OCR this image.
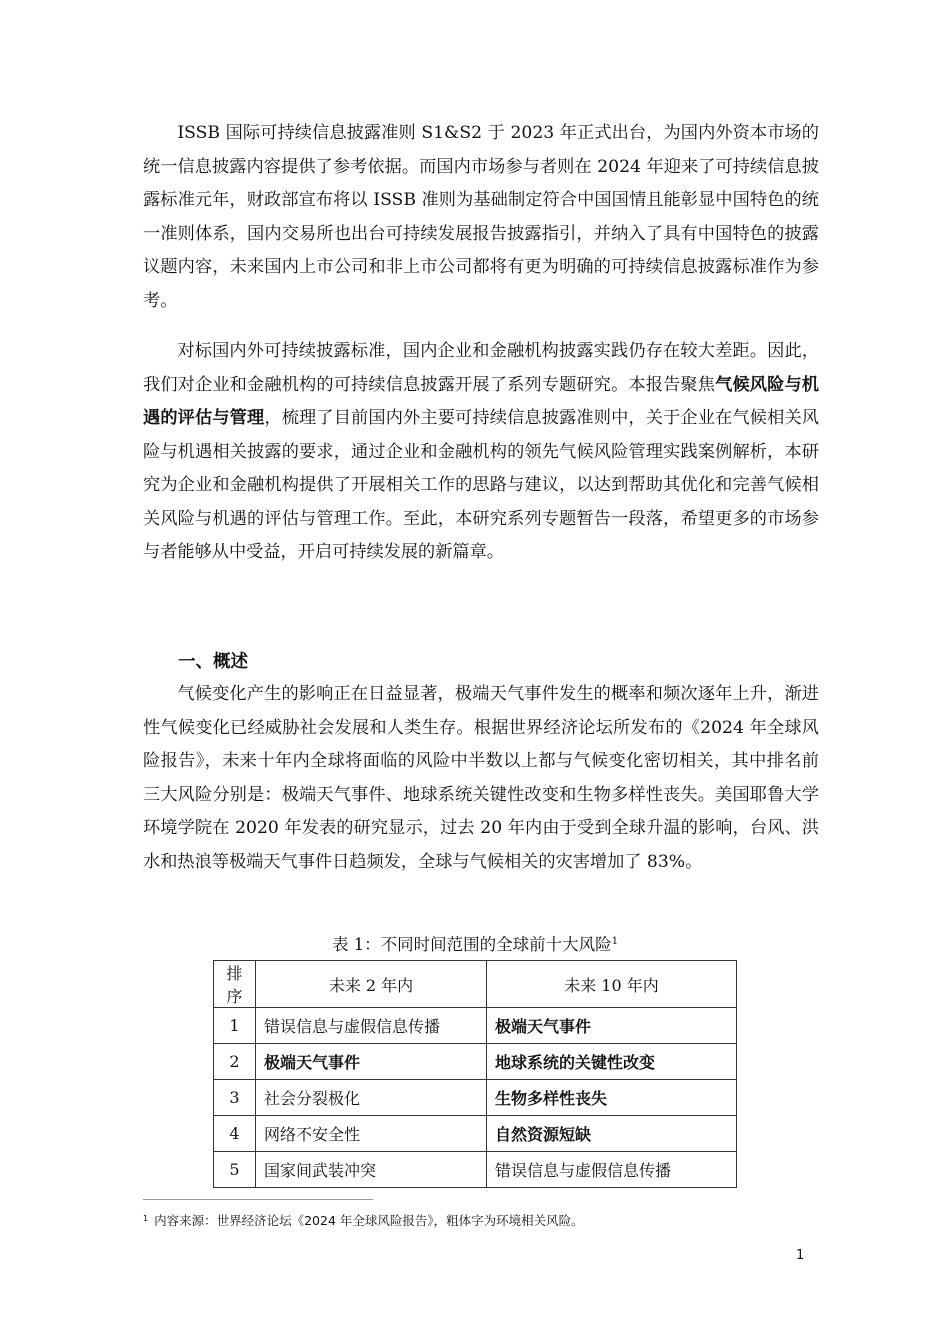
ISSB 国际可持续信息披露准则 S1&S2 于 2023 年正式出台，为国内外资本市场的统一信息披露内容提供了参考依据。而国内市场参与者则在 2024 年迎来了可持续信息披露标准元年，财政部宣布将以 ISSB 准则为基础制定符合中国国情且能彰显中国特色的统一准则体系，国内交易所也出台可持续发展报告披露指引，并纳入了具有中国特色的披露议题内容，未来国内上市公司和非上市公司都将有更为明确的可持续信息披露标准作为参考。

对标国内外可持续披露标准，国内企业和金融机构披露实践仍存在较大差距。因此，我们对企业和金融机构的可持续信息披露开展了系列专题研究。本报告聚焦气候风险与机遇的评估与管理，梳理了目前国内外主要可持续信息披露准则中，关于企业在气候相关风险与机遇相关披露的要求，通过企业和金融机构的领先气候风险管理实践案例解析，本研究为企业和金融机构提供了开展相关工作的思路与建议，以达到帮助其优化和完善气候相关风险与机遇的评估与管理工作。至此，本研究系列专题暂告一段落，希望更多的市场参与者能够从中受益，开启可持续发展的新篇章。

一、概述

气候变化产生的影响正在日益显著，极端天气事件发生的概率和频次逐年上升，渐进性气候变化已经威胁社会发展和人类生存。根据世界经济论坛所发布的《2024 年全球风险报告》，未来十年内全球将面临的风险中半数以上都与气候变化密切相关，其中排名前三大风险分别是：极端天气事件、地球系统关键性改变和生物多样性丧失。美国耶鲁大学环境学院在 2020 年发表的研究显示，过去 20 年内由于受到全球升温的影响，台风、洪水和热浪等极端天气事件日趋频发，全球与气候相关的灾害增加了 83%。

表 1：不同时间范围的全球前十大风险$^1$

排序	未来 2 年内	未来 10 年内
1	错误信息与虚假信息传播	极端天气事件
2	极端天气事件	地球系统的关键性改变
3	社会分裂极化	生物多样性丧失
4	网络不安全性	自然资源短缺
5	国家间武装冲突	错误信息与虚假信息传播

$^1$ 内容来源：世界经济论坛《2024 年全球风险报告》，粗体字为环境相关风险。

1
